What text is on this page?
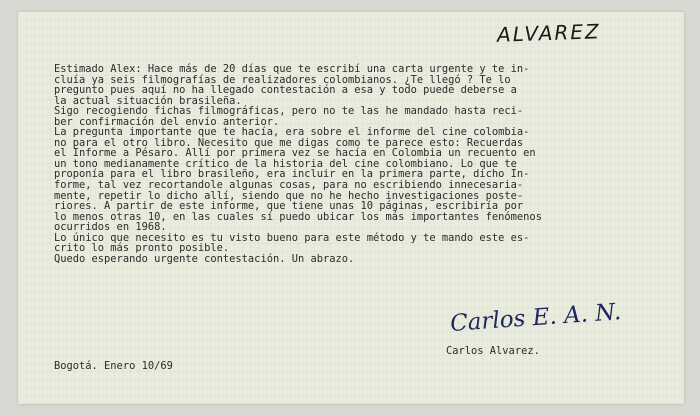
ALVAREZ
Estimado Alex: Hace más de 20 días que te escribí una carta urgente y te in-
cluía ya seis filmografías de realizadores colombianos. ¿Te llegó ? Te lo
pregunto pues aquí no ha llegado contestación a esa y todo puede deberse a
la actual situación brasileña.
Sigo recogiendo fichas filmográficas, pero no te las he mandado hasta reci-
ber confirmación del envío anterior.
La pregunta importante que te hacía, era sobre el informe del cine colombia-
no para el otro libro. Necesito que me digas como te parece esto: Recuerdas
el Informe a Pésaro. Allí por primera vez se hacía en Colombia un recuento en
un tono medianamente crítico de la historia del cine colombiano. Lo que te
proponía para el libro brasileño, era incluir en la primera parte, dicho In-
forme, tal vez recortandole algunas cosas, para no escribiendo innecesaria-
mente, repetir lo dicho allí, siendo que no he hecho investigaciones poste-
riores. A partir de este informe, que tiene unas 10 páginas, escribiría por
lo menos otras 10, en las cuales sí puedo ubicar los más importantes fenómenos
ocurridos en 1968.
Lo único que necesito es tu visto bueno para este método y te mando este es-
crito lo más pronto posible.
Quedo esperando urgente contestación. Un abrazo.

Carlos E. A. N.
Carlos Alvarez.
Bogotá. Enero 10/69
